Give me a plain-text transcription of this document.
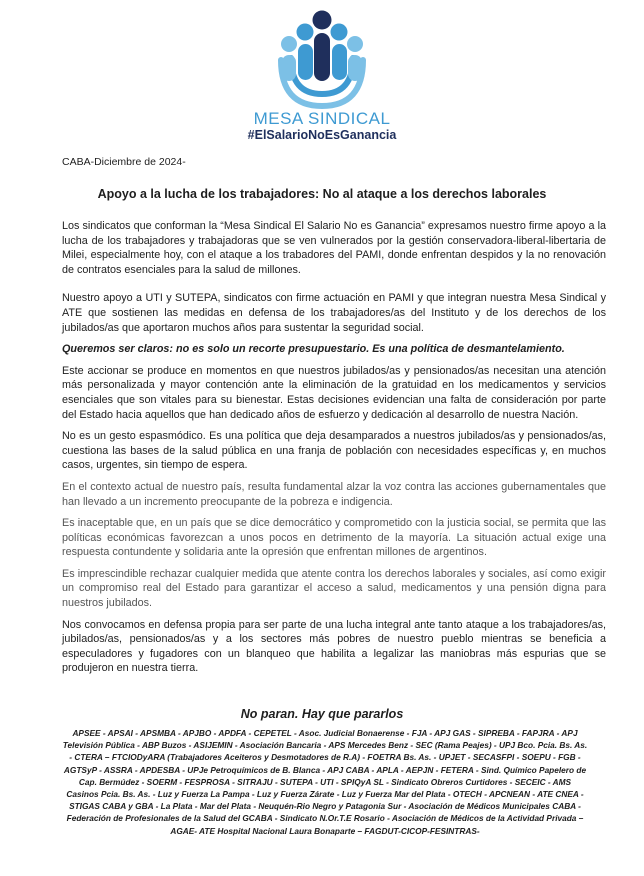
MESA SINDICAL
#ElSalarioNoEsGanancia
CABA-Diciembre de 2024-
Apoyo a la lucha de los trabajadores: No al ataque a los derechos laborales

Los sindicatos que conforman la “Mesa Sindical El Salario No es Ganancia” expresamos nuestro firme apoyo a la lucha de los trabajadores y trabajadoras que se ven vulnerados por la gestión conservadora-liberal-libertaria de Milei, especialmente hoy, con el ataque a los trabadores del PAMI, donde enfrentan despidos y la no renovación de contratos esenciales para la salud de millones.

Nuestro apoyo a UTI y SUTEPA, sindicatos con firme actuación en PAMI y que integran nuestra Mesa Sindical y ATE que sostienen las medidas en defensa de los trabajadores/as del Instituto y de los derechos de los jubilados/as que aportaron muchos años para sustentar la seguridad social.

Queremos ser claros: no es solo un recorte presupuestario. Es una política de desmantelamiento.

Este accionar se produce en momentos en que nuestros jubilados/as y pensionados/as necesitan una atención más personalizada y mayor contención ante la eliminación de la gratuidad en los medicamentos y servicios esenciales que son vitales para su bienestar. Estas decisiones evidencian una falta de consideración por parte del Estado hacia aquellos que han dedicado años de esfuerzo y dedicación al desarrollo de nuestra Nación.

No es un gesto espasmódico. Es una política que deja desamparados a nuestros jubilados/as y pensionados/as, cuestiona las bases de la salud pública en una franja de población con necesidades específicas y, en muchos casos, urgentes, sin tiempo de espera.

En el contexto actual de nuestro país, resulta fundamental alzar la voz contra las acciones gubernamentales que han llevado a un incremento preocupante de la pobreza e indigencia.

Es inaceptable que, en un país que se dice democrático y comprometido con la justicia social, se permita que las políticas económicas favorezcan a unos pocos en detrimento de la mayoría. La situación actual exige una respuesta contundente y solidaria ante la opresión que enfrentan millones de argentinos.

Es imprescindible rechazar cualquier medida que atente contra los derechos laborales y sociales, así como exigir un compromiso real del Estado para garantizar el acceso a salud, medicamentos y una pensión digna para nuestros jubilados.

Nos convocamos en defensa propia para ser parte de una lucha integral ante tanto ataque a los trabajadores/as, jubilados/as, pensionados/as y a los sectores más pobres de nuestro pueblo mientras se beneficia a especuladores y fugadores con un blanqueo que habilita a legalizar las maniobras más espurias que se produjeron en nuestra tierra.

No paran. Hay que pararlos
APSEE - APSAI - APSMBA - APJBO - APDFA - CEPETEL - Asoc. Judicial Bonaerense - FJA - APJ GAS - SIPREBA - FAPJRA - APJ Televisión Pública - ABP Buzos - ASIJEMIN - Asociación Bancaria - APS Mercedes Benz - SEC (Rama Peajes) - UPJ Bco. Pcia. Bs. As. - CTERA – FTCIODyARA (Trabajadores Aceiteros y Desmotadores de R.A) - FOETRA Bs. As. - UPJET - SECASFPI - SOEPU - FGB - AGTSyP - ASSRA - APDESBA - UPJe Petroquímicos de B. Blanca - APJ CABA - APLA - AEPJN - FETERA - Sind. Químico Papelero de Cap. Bermúdez - SOERM - FESPROSA - SITRAJU - SUTEPA - UTI - SPIQyA SL - Sindicato Obreros Curtidores - SECEIC - AMS Casinos Pcia. Bs. As. - Luz y Fuerza La Pampa - Luz y Fuerza Zárate - Luz y Fuerza Mar del Plata - OTECH - APCNEAN - ATE CNEA - STIGAS CABA y GBA - La Plata - Mar del Plata - Neuquén-Rio Negro y Patagonia Sur - Asociación de Médicos Municipales CABA - Federación de Profesionales de la Salud del GCABA - Sindicato N.Or.T.E Rosario - Asociación de Médicos de la Actividad Privada – AGAE- ATE Hospital Nacional Laura Bonaparte – FAGDUT-CICOP-FESINTRAS-
